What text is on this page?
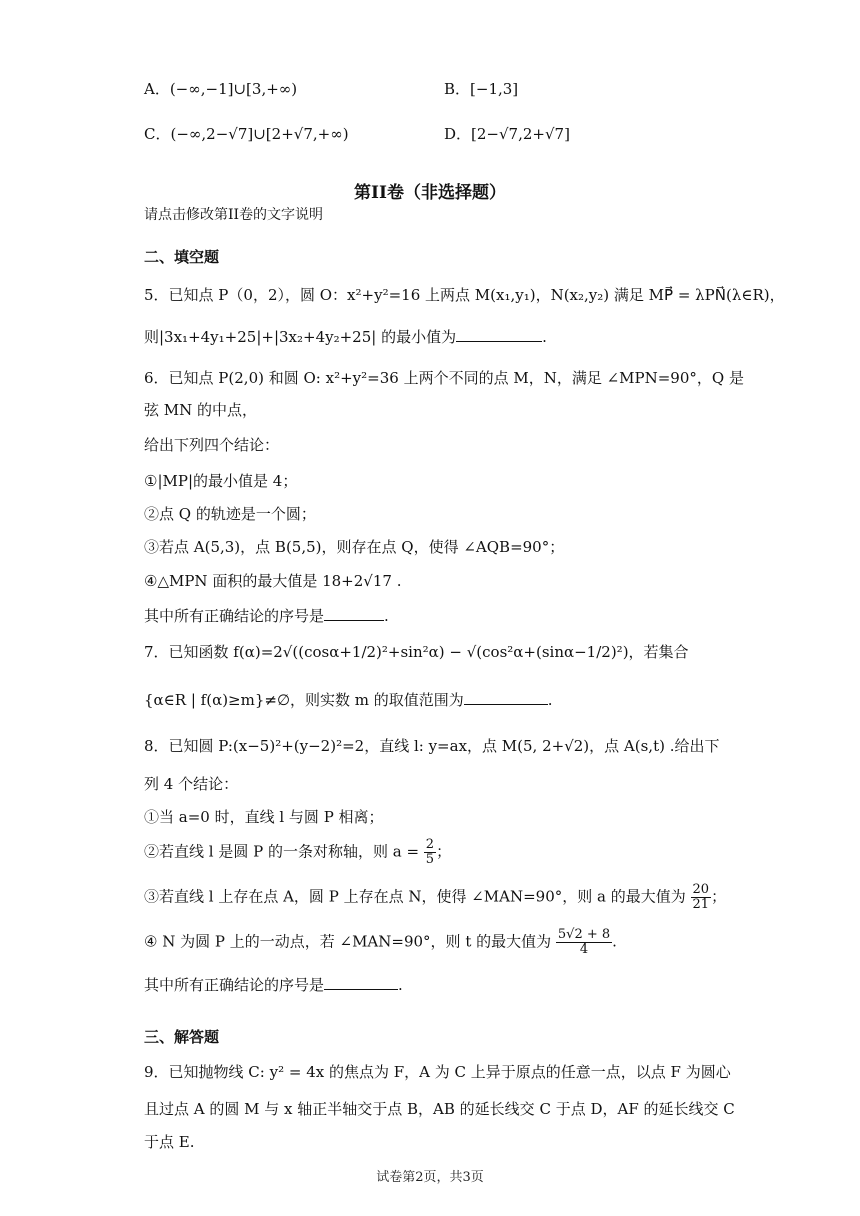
A．(−∞,−1]∪[3,+∞)	B．[−1,3]
C．(−∞,2−√7]∪[2+√7,+∞)	D．[2−√7,2+√7]
第II卷（非选择题）
请点击修改第II卷的文字说明
二、填空题
5．已知点 P（0，2），圆 O：x²+y²=16 上两点 M(x₁,y₁)，N(x₂,y₂) 满足 MP⃗ = λPN⃗(λ∈R)，
则|3x₁+4y₁+25|+|3x₂+4y₂+25| 的最小值为	.
6．已知点 P(2,0) 和圆 O: x²+y²=36 上两个不同的点 M，N，满足 ∠MPN=90°，Q 是
弦 MN 的中点，
给出下列四个结论：
①|MP|的最小值是 4；
②点 Q 的轨迹是一个圆；
③若点 A(5,3)，点 B(5,5)，则存在点 Q，使得 ∠AQB=90°；
④△MPN 面积的最大值是 18+2√17 .
其中所有正确结论的序号是	.
7．已知函数 f(α)=2√((cosα+1/2)²+sin²α) − √(cos²α+(sinα−1/2)²)，若集合
{α∈R | f(α)≥m}≠∅，则实数 m 的取值范围为	.
8．已知圆 P:(x−5)²+(y−2)²=2，直线 l: y=ax，点 M(5, 2+√2)，点 A(s,t) .给出下
列 4 个结论：
①当 a=0 时，直线 l 与圆 P 相离；
②若直线 l 是圆 P 的一条对称轴，则 $a = \frac{2}{5}$ ；
③若直线 l 上存在点 A，圆 P 上存在点 N，使得 ∠MAN=90°，则 a 的最大值为 $\frac{20}{21}$ ；
④ N 为圆 P 上的一动点，若 ∠MAN=90°，则 t 的最大值为 $\frac{5√2 + 8}{4}$ .
其中所有正确结论的序号是	.
三、解答题
9．已知抛物线 C: y² = 4x 的焦点为 F，A 为 C 上异于原点的任意一点，以点 F 为圆心
且过点 A 的圆 M 与 x 轴正半轴交于点 B，AB 的延长线交 C 于点 D，AF 的延长线交 C
于点 E.
试卷第2页，共3页
